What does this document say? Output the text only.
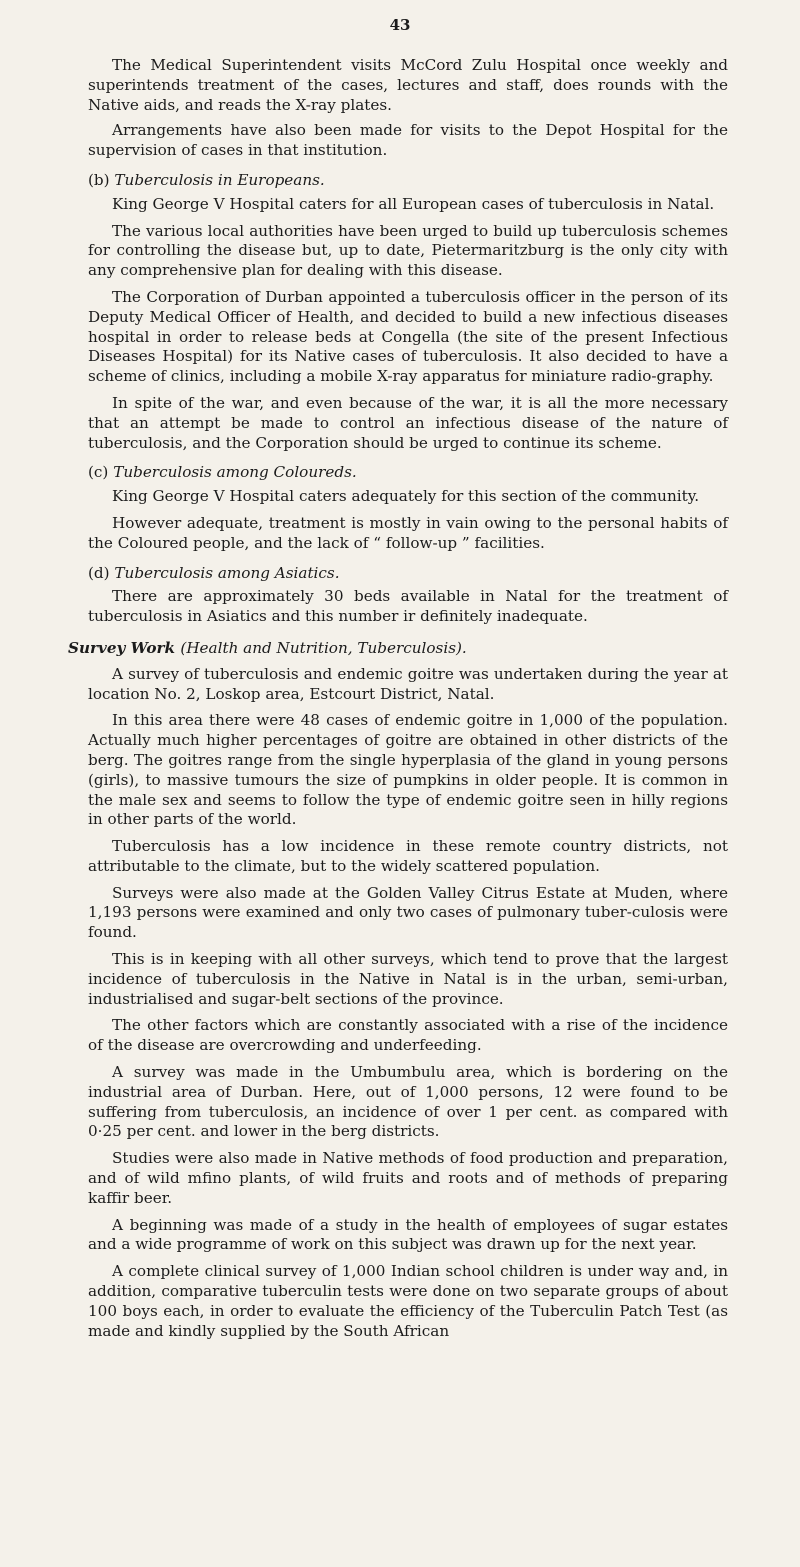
43

The Medical Superintendent visits McCord Zulu Hospital once weekly and superintends treatment of the cases, lectures and staff, does rounds with the Native aids, and reads the X-ray plates.

Arrangements have also been made for visits to the Depot Hospital for the supervision of cases in that institution.

(b) Tuberculosis in Europeans.

King George V Hospital caters for all European cases of tuberculosis in Natal.

The various local authorities have been urged to build up tuberculosis schemes for controlling the disease but, up to date, Pietermaritzburg is the only city with any comprehensive plan for dealing with this disease.

The Corporation of Durban appointed a tuberculosis officer in the person of its Deputy Medical Officer of Health, and decided to build a new infectious diseases hospital in order to release beds at Congella (the site of the present Infectious Diseases Hospital) for its Native cases of tuberculosis. It also decided to have a scheme of clinics, including a mobile X-ray apparatus for miniature radio-graphy.

In spite of the war, and even because of the war, it is all the more necessary that an attempt be made to control an infectious disease of the nature of tuberculosis, and the Corporation should be urged to continue its scheme.

(c) Tuberculosis among Coloureds.

King George V Hospital caters adequately for this section of the community.

However adequate, treatment is mostly in vain owing to the personal habits of the Coloured people, and the lack of “ follow-up ” facilities.

(d) Tuberculosis among Asiatics.

There are approximately 30 beds available in Natal for the treatment of tuberculosis in Asiatics and this number ir definitely inadequate.

Survey Work (Health and Nutrition, Tuberculosis).

A survey of tuberculosis and endemic goitre was undertaken during the year at location No. 2, Loskop area, Estcourt District, Natal.

In this area there were 48 cases of endemic goitre in 1,000 of the population. Actually much higher percentages of goitre are obtained in other districts of the berg. The goitres range from the single hyperplasia of the gland in young persons (girls), to massive tumours the size of pumpkins in older people. It is common in the male sex and seems to follow the type of endemic goitre seen in hilly regions in other parts of the world.

Tuberculosis has a low incidence in these remote country districts, not attributable to the climate, but to the widely scattered population.

Surveys were also made at the Golden Valley Citrus Estate at Muden, where 1,193 persons were examined and only two cases of pulmonary tuber-culosis were found.

This is in keeping with all other surveys, which tend to prove that the largest incidence of tuberculosis in the Native in Natal is in the urban, semi-urban, industrialised and sugar-belt sections of the province.

The other factors which are constantly associated with a rise of the incidence of the disease are overcrowding and underfeeding.

A survey was made in the Umbumbulu area, which is bordering on the industrial area of Durban. Here, out of 1,000 persons, 12 were found to be suffering from tuberculosis, an incidence of over 1 per cent. as compared with 0·25 per cent. and lower in the berg districts.

Studies were also made in Native methods of food production and preparation, and of wild mfino plants, of wild fruits and roots and of methods of preparing kaffir beer.

A beginning was made of a study in the health of employees of sugar estates and a wide programme of work on this subject was drawn up for the next year.

A complete clinical survey of 1,000 Indian school children is under way and, in addition, comparative tuberculin tests were done on two separate groups of about 100 boys each, in order to evaluate the efficiency of the Tuberculin Patch Test (as made and kindly supplied by the South African
